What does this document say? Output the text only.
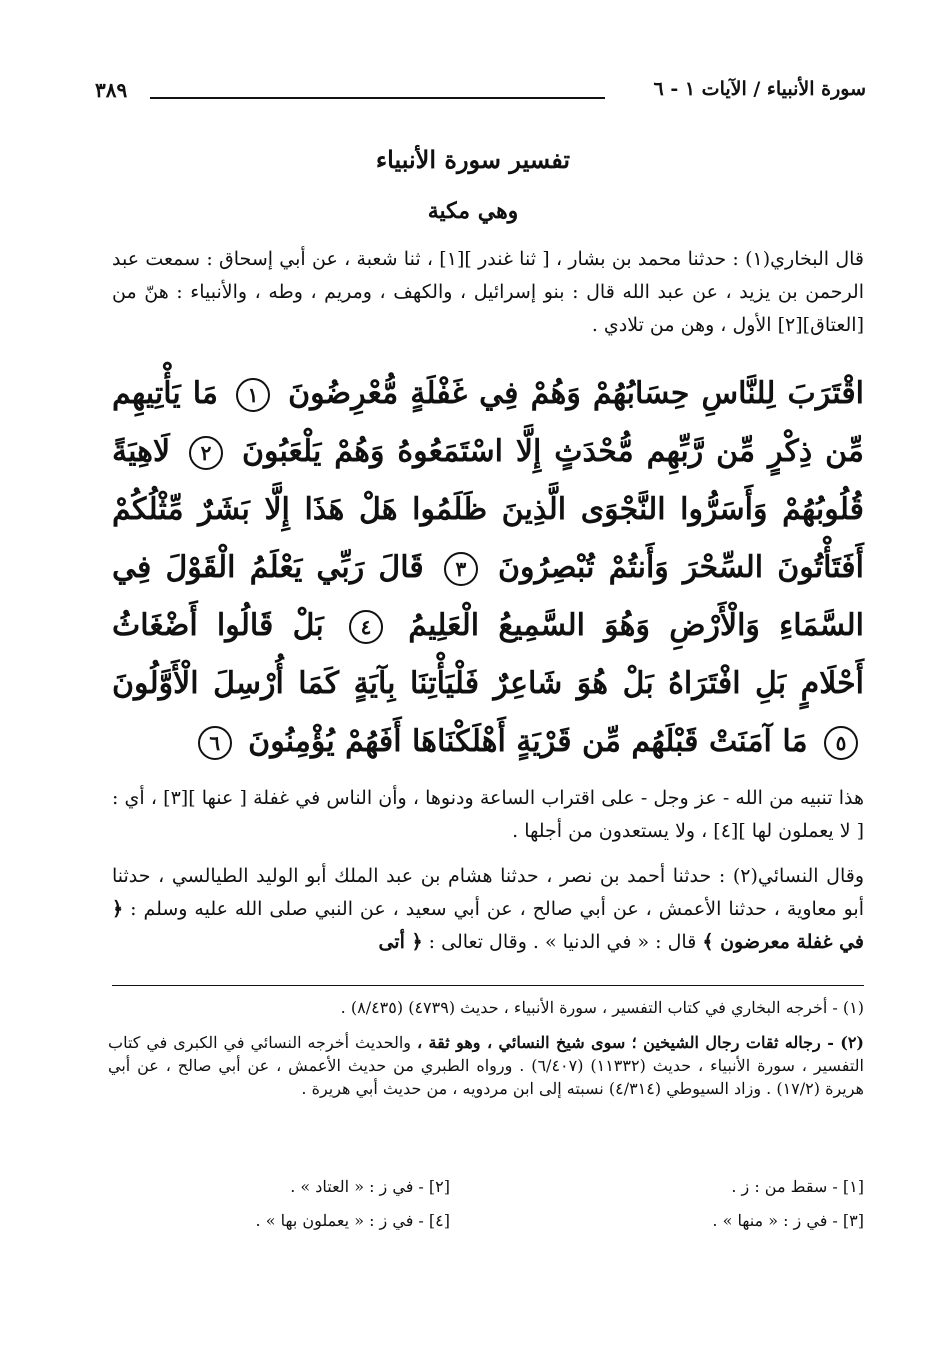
سورة الأنبياء / الآيات ١ - ٦
٣٨٩
تفسير سورة الأنبياء
وهي مكية
قال البخاري(١) : حدثنا محمد بن بشار ، [ ثنا غندر ][١] ، ثنا شعبة ، عن أبي إسحاق : سمعت عبد الرحمن بن يزيد ، عن عبد الله قال : بنو إسرائيل ، والكهف ، ومريم ، وطه ، والأنبياء : هنّ من [العتاق][٢] الأول ، وهن من تلادي .
اقْتَرَبَ لِلنَّاسِ حِسَابُهُمْ وَهُمْ فِي غَفْلَةٍ مُّعْرِضُونَ ١ مَا يَأْتِيهِم مِّن ذِكْرٍ مِّن رَّبِّهِم مُّحْدَثٍ إِلَّا اسْتَمَعُوهُ وَهُمْ يَلْعَبُونَ ٢ لَاهِيَةً قُلُوبُهُمْ وَأَسَرُّوا النَّجْوَى الَّذِينَ ظَلَمُوا هَلْ هَذَا إِلَّا بَشَرٌ مِّثْلُكُمْ أَفَتَأْتُونَ السِّحْرَ وَأَنتُمْ تُبْصِرُونَ ٣ قَالَ رَبِّي يَعْلَمُ الْقَوْلَ فِي السَّمَاءِ وَالْأَرْضِ وَهُوَ السَّمِيعُ الْعَلِيمُ ٤ بَلْ قَالُوا أَضْغَاثُ أَحْلَامٍ بَلِ افْتَرَاهُ بَلْ هُوَ شَاعِرٌ فَلْيَأْتِنَا بِآيَةٍ كَمَا أُرْسِلَ الْأَوَّلُونَ ٥ مَا آمَنَتْ قَبْلَهُم مِّن قَرْيَةٍ أَهْلَكْنَاهَا أَفَهُمْ يُؤْمِنُونَ ٦
هذا تنبيه من الله - عز وجل - على اقتراب الساعة ودنوها ، وأن الناس في غفلة [ عنها ][٣] ، أي : [ لا يعملون لها ][٤] ، ولا يستعدون من أجلها .
وقال النسائي(٢) : حدثنا أحمد بن نصر ، حدثنا هشام بن عبد الملك أبو الوليد الطيالسي ، حدثنا أبو معاوية ، حدثنا الأعمش ، عن أبي صالح ، عن أبي سعيد ، عن النبي صلى الله عليه وسلم : ﴿ في غفلة معرضون ﴾ قال : « في الدنيا » . وقال تعالى : ﴿ أتى
(١) - أخرجه البخاري في كتاب التفسير ، سورة الأنبياء ، حديث (٤٧٣٩) (٨/٤٣٥) .
(٢) - رجاله ثقات رجال الشيخين ؛ سوى شيخ النسائي ، وهو ثقة ، والحديث أخرجه النسائي في الكبرى في كتاب التفسير ، سورة الأنبياء ، حديث (١١٣٣٢) (٦/٤٠٧) . ورواه الطبري من حديث الأعمش ، عن أبي صالح ، عن أبي هريرة (١٧/٢) . وزاد السيوطي (٤/٣١٤) نسبته إلى ابن مردويه ، من حديث أبي هريرة .
[١] - سقط من : ز .
[٢] - في ز : « العتاد » .
[٣] - في ز : « منها » .
[٤] - في ز : « يعملون بها » .
